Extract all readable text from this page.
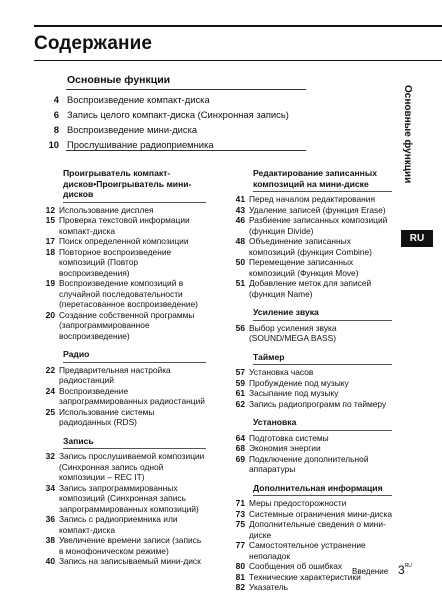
Содержание
Основные функции
4 Воспроизведение компакт-диска
6 Запись целого компакт-диска (Синхронная запись)
8 Воспроизведение мини-диска
10 Прослушивание радиоприемника	Основные функции
RU
Проигрыватель компакт-дисков•Проигрыватель мини-дисков
12 Использование дисплея
15 Проверка текстовой информации компакт-диска
17 Поиск определенной композиции
18 Повторное воспроизведение композиций (Повтор воспроизведения)
19 Воспроизведение композиций в случайной последовательности (перетасованное воспроизведение)
20 Создание собственной программы (запрограммированное воспроизведение)
Радио
22 Предварительная настройка радиостанций
24 Воспроизведение запрограммированных радиостанций
25 Использование системы радиоданных (RDS)
Запись
32 Запись прослушиваемой композиции (Синхронная запись одной композиции – REC IT)
34 Запись запрограммированных композиций (Синхронная запись запрограммированных композиций)
36 Запись с радиоприемника или компакт-диска
38 Увеличение времени записи (запись в монофоническом режиме)
40 Запись на записываемый мини-диск
Редактирование записанных композиций на мини-диске
41 Перед началом редактирования
43 Удаление записей (функция Erase)
46 Разбиение записанных композиций (функция Divide)
48 Объединение записанных композиций (функция Combine)
50 Перемещение записанных композиций (Функция Move)
51 Добавление меток для записей (функция Name)
Усиление звука
56 Выбор усиления звука (SOUND/MEGA BASS)
Таймер
57 Установка часов
59 Пробуждение под музыку
61 Засыпание под музыку
62 Запись радиопрограмм по таймеру
Установка
64 Подготовка системы
68 Экономия энергии
69 Подключение дополнительной аппаратуры
Дополнительная информация
71 Меры предосторожности
73 Системные ограничения мини-диска
75 Дополнительные сведения о мини-диске
77 Самостоятельное устранение неполадок
80 Сообщения об ошибках
81 Технические характеристики
82 Указатель
Введение $3^{RU}$
